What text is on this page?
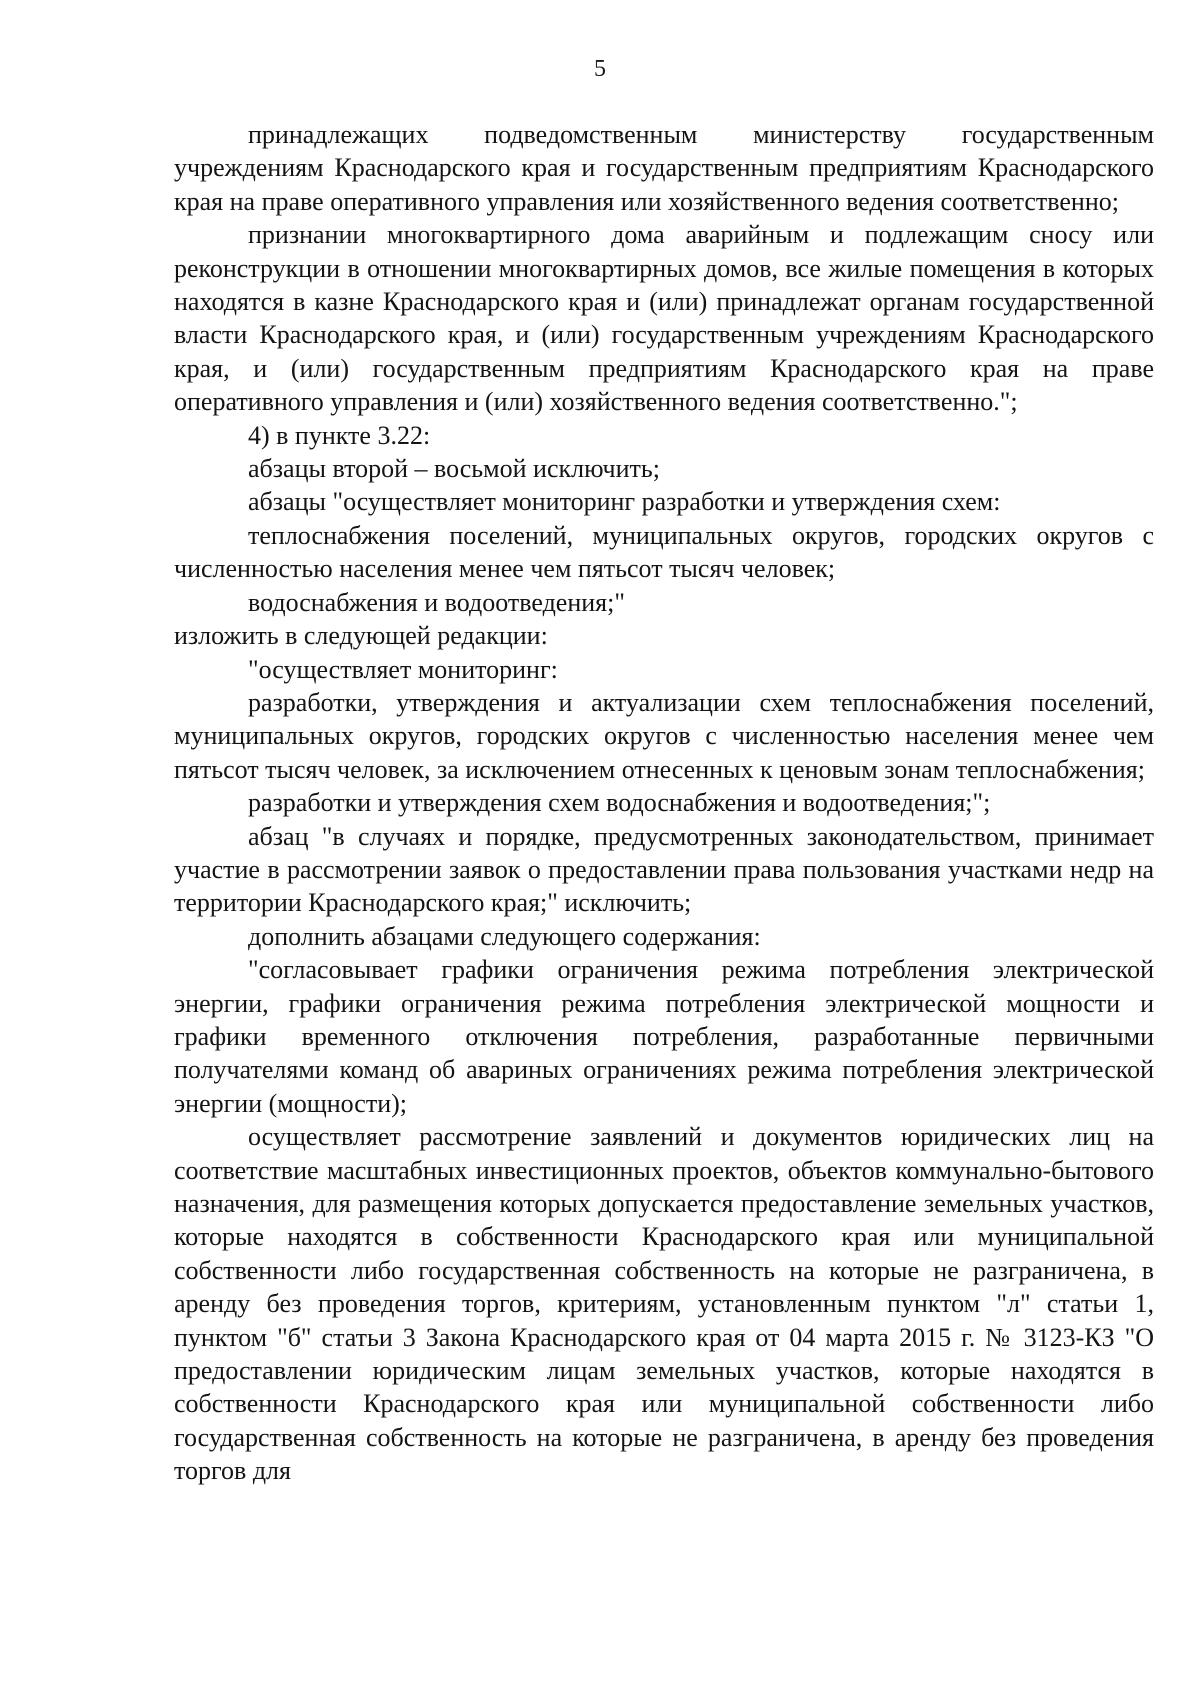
5

принадлежащих подведомственным министерству государственным учреждениям Краснодарского края и государственным предприятиям Краснодарского края на праве оперативного управления или хозяйственного ведения соответственно;

признании многоквартирного дома аварийным и подлежащим сносу или реконструкции в отношении многоквартирных домов, все жилые помещения в которых находятся в казне Краснодарского края и (или) принадлежат органам государственной власти Краснодарского края, и (или) государственным учреждениям Краснодарского края, и (или) государственным предприятиям Краснодарского края на праве оперативного управления и (или) хозяйственного ведения соответственно.";

4) в пункте 3.22:

абзацы второй – восьмой исключить;

абзацы "осуществляет мониторинг разработки и утверждения схем:

теплоснабжения поселений, муниципальных округов, городских округов с численностью населения менее чем пятьсот тысяч человек;

водоснабжения и водоотведения;"

изложить в следующей редакции:

"осуществляет мониторинг:

разработки, утверждения и актуализации схем теплоснабжения поселений, муниципальных округов, городских округов с численностью населения менее чем пятьсот тысяч человек, за исключением отнесенных к ценовым зонам теплоснабжения;

разработки и утверждения схем водоснабжения и водоотведения;";

абзац "в случаях и порядке, предусмотренных законодательством, принимает участие в рассмотрении заявок о предоставлении права пользования участками недр на территории Краснодарского края;" исключить;

дополнить абзацами следующего содержания:

"согласовывает графики ограничения режима потребления электрической энергии, графики ограничения режима потребления электрической мощности и графики временного отключения потребления, разработанные первичными получателями команд об авариных ограничениях режима потребления электрической энергии (мощности);

осуществляет рассмотрение заявлений и документов юридических лиц на соответствие масштабных инвестиционных проектов, объектов коммунально-бытового назначения, для размещения которых допускается предоставление земельных участков, которые находятся в собственности Краснодарского края или муниципальной собственности либо государственная собственность на которые не разграничена, в аренду без проведения торгов, критериям, установленным пунктом "л" статьи 1, пунктом "б" статьи 3 Закона Краснодарского края от 04 марта 2015 г. № 3123-КЗ "О предоставлении юридическим лицам земельных участков, которые находятся в собственности Краснодарского края или муниципальной собственности либо государственная собственность на которые не разграничена, в аренду без проведения торгов для
